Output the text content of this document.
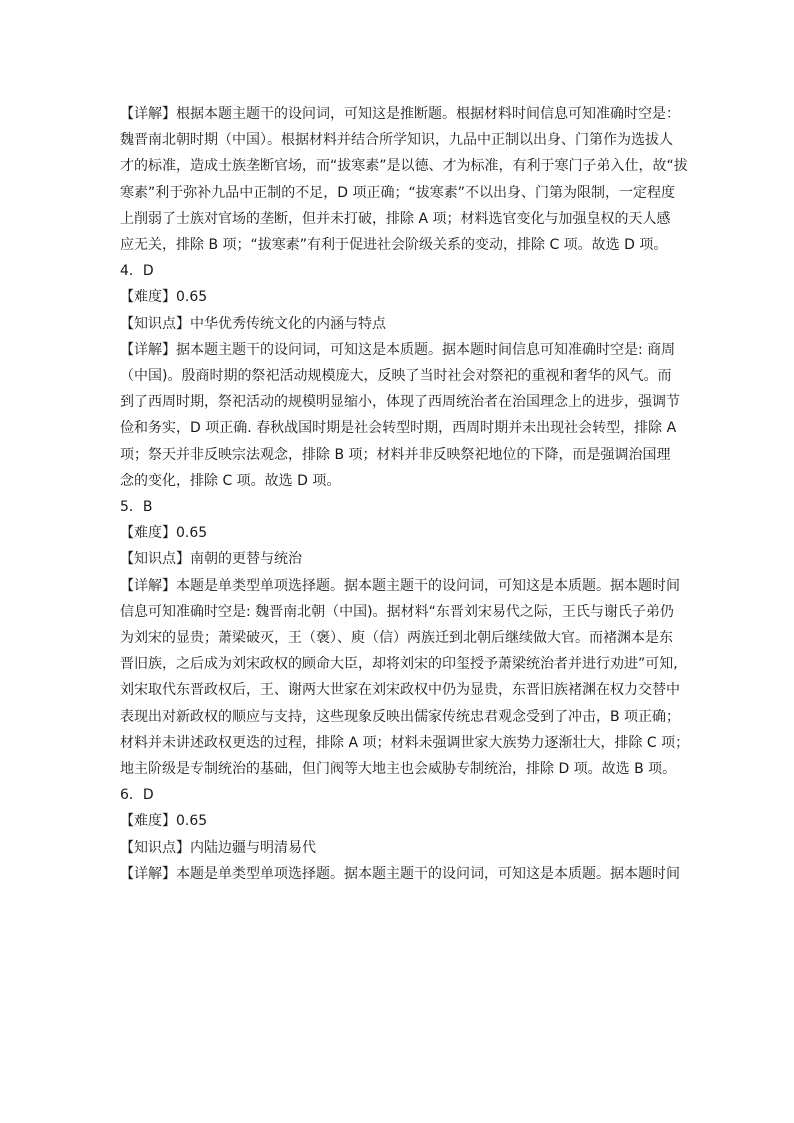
【详解】根据本题主题干的设问词，可知这是推断题。根据材料时间信息可知准确时空是：

魏晋南北朝时期（中国）。根据材料并结合所学知识，九品中正制以出身、门第作为选拔人

才的标准，造成士族垄断官场，而“拔寒素”是以德、才为标准，有利于寒门子弟入仕，故“拔

寒素”利于弥补九品中正制的不足，D 项正确；“拔寒素”不以出身、门第为限制，一定程度

上削弱了士族对官场的垄断，但并未打破，排除 A 项；材料选官变化与加强皇权的天人感

应无关，排除 B 项；“拔寒素”有利于促进社会阶级关系的变动，排除 C 项。故选 D 项。

4．D

【难度】0.65

【知识点】中华优秀传统文化的内涵与特点

【详解】据本题主题干的设问词，可知这是本质题。据本题时间信息可知准确时空是: 商周

（中国)。殷商时期的祭祀活动规模庞大，反映了当时社会对祭祀的重视和奢华的风气。而

到了西周时期，祭祀活动的规模明显缩小，体现了西周统治者在治国理念上的进步，强调节

俭和务实，D 项正确. 春秋战国时期是社会转型时期，西周时期并未出现社会转型，排除 A

项；祭天并非反映宗法观念，排除 B 项；材料并非反映祭祀地位的下降，而是强调治国理

念的变化，排除 C 项。故选 D 项。

5．B

【难度】0.65

【知识点】南朝的更替与统治

【详解】本题是单类型单项选择题。据本题主题干的设问词，可知这是本质题。据本题时间

信息可知准确时空是: 魏晋南北朝（中国)。据材料“东晋刘宋易代之际，王氏与谢氏子弟仍

为刘宋的显贵；萧梁破灭，王（褒）、庾（信）两族迁到北朝后继续做大官。而褚渊本是东

晋旧族，之后成为刘宋政权的顾命大臣，却将刘宋的印玺授予萧梁统治者并进行劝进”可知,

刘宋取代东晋政权后，王、谢两大世家在刘宋政权中仍为显贵，东晋旧族褚渊在权力交替中

表现出对新政权的顺应与支持，这些现象反映出儒家传统忠君观念受到了冲击，B 项正确；

材料并未讲述政权更迭的过程，排除 A 项；材料未强调世家大族势力逐渐壮大，排除 C 项；

地主阶级是专制统治的基础，但门阀等大地主也会威胁专制统治，排除 D 项。故选 B 项。

6．D

【难度】0.65

【知识点】内陆边疆与明清易代

【详解】本题是单类型单项选择题。据本题主题干的设问词，可知这是本质题。据本题时间
